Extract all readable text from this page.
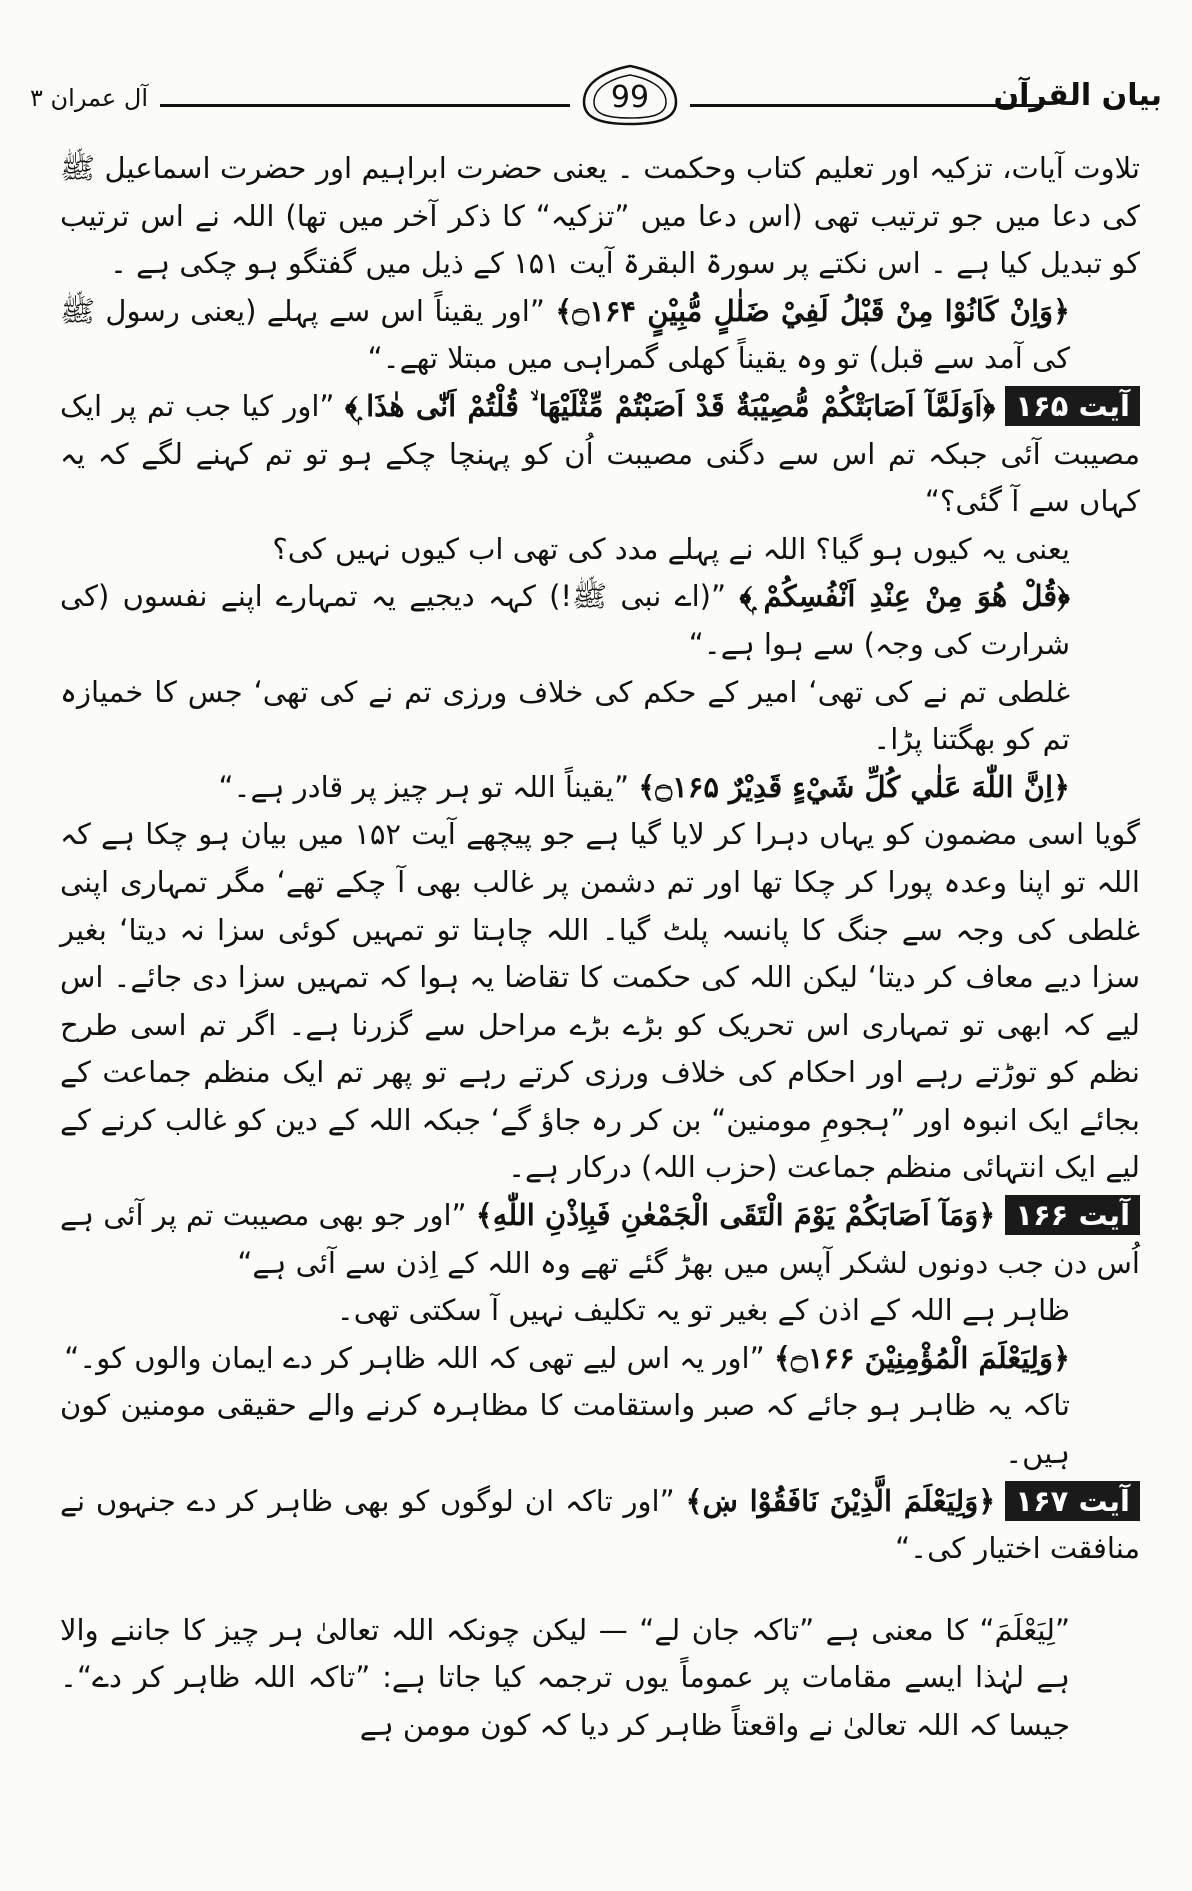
بیان القرآن
99
آل عمران ۳

تلاوت آیات، تزکیہ اور تعلیم کتاب وحکمت ۔ یعنی حضرت ابراہیم اور حضرت اسماعیل ﷺ کی دعا میں جو ترتیب تھی (اس دعا میں ”تزکیہ“ کا ذکر آخر میں تھا) اللہ نے اس ترتیب کو تبدیل کیا ہے ۔ اس نکتے پر سورۃ البقرۃ آیت ۱۵۱ کے ذیل میں گفتگو ہو چکی ہے ۔

﴿وَاِنْ كَانُوْا مِنْ قَبْلُ لَفِيْ ضَلٰلٍ مُّبِيْنٍ ۝۱۶۴﴾ ”اور یقیناً اس سے پہلے (یعنی رسول ﷺ کی آمد سے قبل) تو وہ یقیناً کھلی گمراہی میں مبتلا تھے۔“

آیت ۱۶۵﴿اَوَلَمَّآ اَصَابَتْكُمْ مُّصِيْبَةٌ قَدْ اَصَبْتُمْ مِّثْلَيْهَا ۙ قُلْتُمْ اَنّٰى هٰذَا ۭ﴾ ”اور کیا جب تم پر ایک مصیبت آئی جبکہ تم اس سے دگنی مصیبت اُن کو پہنچا چکے ہو تو تم کہنے لگے کہ یہ کہاں سے آ گئی؟“

یعنی یہ کیوں ہو گیا؟ اللہ نے پہلے مدد کی تھی اب کیوں نہیں کی؟

﴿قُلْ هُوَ مِنْ عِنْدِ اَنْفُسِكُمْ ۭ﴾ ”(اے نبی ﷺ!) کہہ دیجیے یہ تمہارے اپنے نفسوں (کی شرارت کی وجہ) سے ہوا ہے۔“

غلطی تم نے کی تھی‘ امیر کے حکم کی خلاف ورزی تم نے کی تھی‘ جس کا خمیازہ تم کو بھگتنا پڑا۔

﴿اِنَّ اللّٰهَ عَلٰي كُلِّ شَيْءٍ قَدِيْرٌ ۝۱۶۵﴾ ”یقیناً اللہ تو ہر چیز پر قادر ہے۔“

گویا اسی مضمون کو یہاں دہرا کر لایا گیا ہے جو پیچھے آیت ۱۵۲ میں بیان ہو چکا ہے کہ اللہ تو اپنا وعدہ پورا کر چکا تھا اور تم دشمن پر غالب بھی آ چکے تھے‘ مگر تمہاری اپنی غلطی کی وجہ سے جنگ کا پانسہ پلٹ گیا۔ اللہ چاہتا تو تمہیں کوئی سزا نہ دیتا‘ بغیر سزا دیے معاف کر دیتا‘ لیکن اللہ کی حکمت کا تقاضا یہ ہوا کہ تمہیں سزا دی جائے۔ اس لیے کہ ابھی تو تمہاری اس تحریک کو بڑے بڑے مراحل سے گزرنا ہے۔ اگر تم اسی طرح نظم کو توڑتے رہے اور احکام کی خلاف ورزی کرتے رہے تو پھر تم ایک منظم جماعت کے بجائے ایک انبوہ اور ”ہجومِ مومنین“ بن کر رہ جاؤ گے‘ جبکہ اللہ کے دین کو غالب کرنے کے لیے ایک انتہائی منظم جماعت (حزب اللہ) درکار ہے۔

آیت ۱۶۶﴿وَمَآ اَصَابَكُمْ يَوْمَ الْتَقَى الْجَمْعٰنِ فَبِاِذْنِ اللّٰهِ﴾ ”اور جو بھی مصیبت تم پر آئی ہے اُس دن جب دونوں لشکر آپس میں بھڑ گئے تھے وہ اللہ کے اِذن سے آئی ہے“

ظاہر ہے اللہ کے اذن کے بغیر تو یہ تکلیف نہیں آ سکتی تھی۔

﴿وَلِيَعْلَمَ الْمُؤْمِنِيْنَ ۝۱۶۶﴾ ”اور یہ اس لیے تھی کہ اللہ ظاہر کر دے ایمان والوں کو۔“

تاکہ یہ ظاہر ہو جائے کہ صبر واستقامت کا مظاہرہ کرنے والے حقیقی مومنین کون ہیں۔

آیت ۱۶۷﴿وَلِيَعْلَمَ الَّذِيْنَ نَافَقُوْا ښ﴾ ”اور تاکہ ان لوگوں کو بھی ظاہر کر دے جنہوں نے منافقت اختیار کی۔“

”لِیَعْلَمَ“ کا معنی ہے ”تاکہ جان لے“ — لیکن چونکہ اللہ تعالیٰ ہر چیز کا جاننے والا ہے لہٰذا ایسے مقامات پر عموماً یوں ترجمہ کیا جاتا ہے: ”تاکہ اللہ ظاہر کر دے“۔ جیسا کہ اللہ تعالیٰ نے واقعتاً ظاہر کر دیا کہ کون مومن ہے
